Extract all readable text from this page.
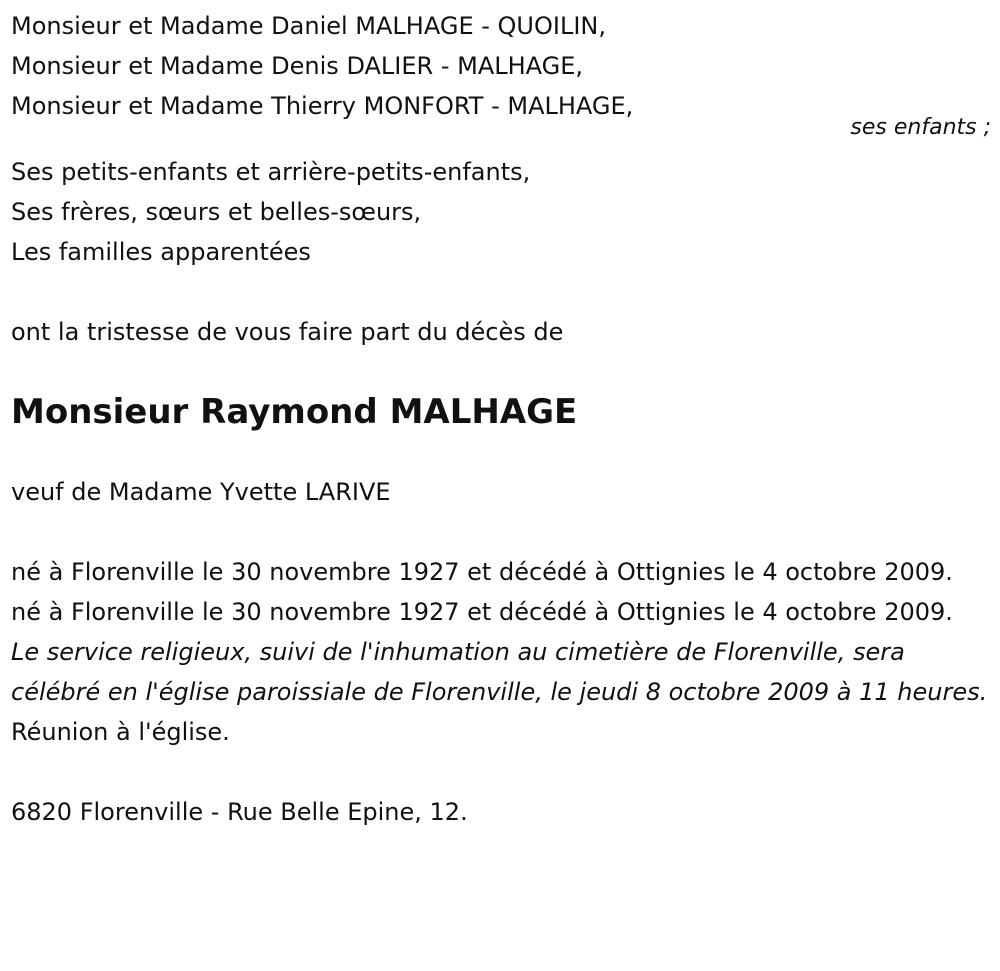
Monsieur et Madame Daniel MALHAGE - QUOILIN,
Monsieur et Madame Denis DALIER - MALHAGE,
Monsieur et Madame Thierry MONFORT - MALHAGE,
Ses petits-enfants et arrière-petits-enfants,
Ses frères, sœurs et belles-sœurs,
Les familles apparentées
ont la tristesse de vous faire part du décès de
Monsieur Raymond MALHAGE
veuf de Madame Yvette LARIVE
né à Florenville le 30 novembre 1927 et décédé à Ottignies le 4 octobre 2009.
né à Florenville le 30 novembre 1927 et décédé à Ottignies le 4 octobre 2009.
Le service religieux, suivi de l'inhumation au cimetière de Florenville, sera célébré en l'église paroissiale de Florenville, le jeudi 8 octobre 2009 à 11 heures.
Réunion à l'église.
6820 Florenville - Rue Belle Epine, 12.
ses enfants ;
